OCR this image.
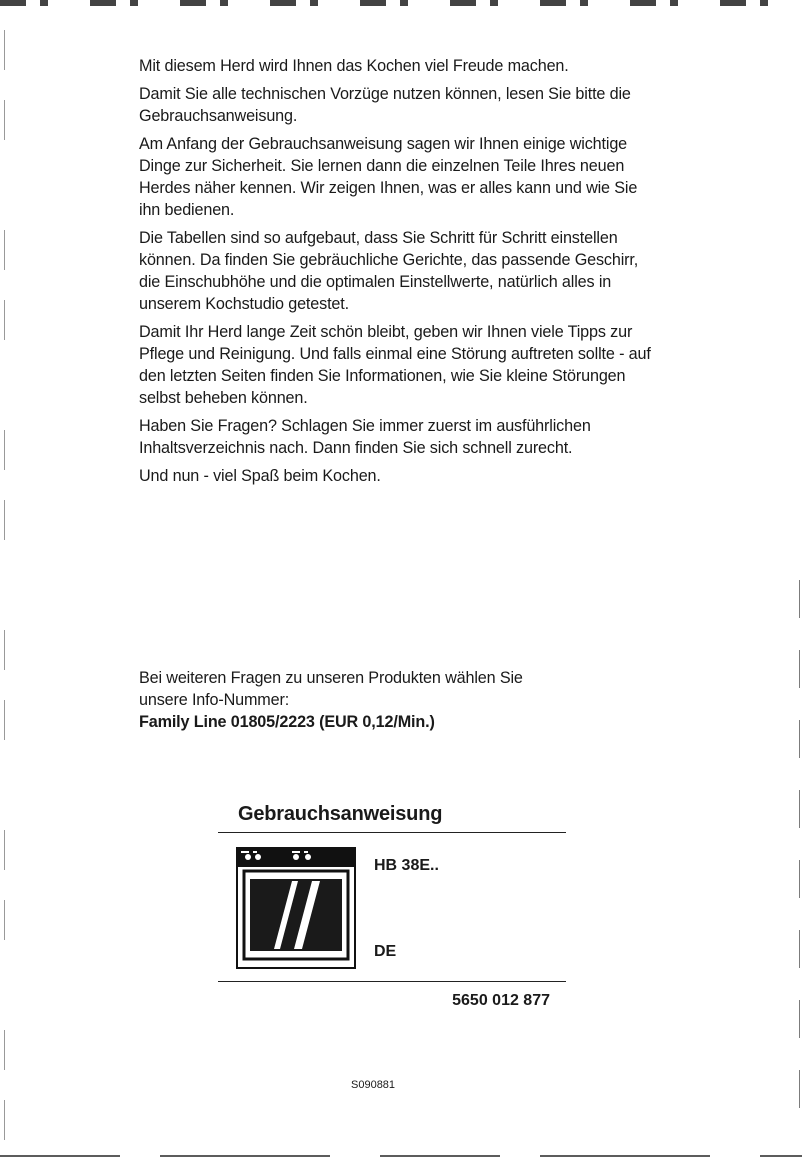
Mit diesem Herd wird Ihnen das Kochen viel Freude machen.

Damit Sie alle technischen Vorzüge nutzen können, lesen Sie bitte die Gebrauchsanweisung.

Am Anfang der Gebrauchsanweisung sagen wir Ihnen einige wichtige Dinge zur Sicherheit. Sie lernen dann die einzelnen Teile Ihres neuen Herdes näher kennen. Wir zeigen Ihnen, was er alles kann und wie Sie ihn bedienen.

Die Tabellen sind so aufgebaut, dass Sie Schritt für Schritt einstellen können. Da finden Sie gebräuchliche Gerichte, das passende Geschirr, die Einschubhöhe und die optimalen Einstellwerte, natürlich alles in unserem Kochstudio getestet.

Damit Ihr Herd lange Zeit schön bleibt, geben wir Ihnen viele Tipps zur Pflege und Reinigung. Und falls einmal eine Störung auftreten sollte - auf den letzten Seiten finden Sie Informationen, wie Sie kleine Störungen selbst beheben können.

Haben Sie Fragen? Schlagen Sie immer zuerst im ausführlichen Inhaltsverzeichnis nach. Dann finden Sie sich schnell zurecht.

Und nun - viel Spaß beim Kochen.

Bei weiteren Fragen zu unseren Produkten wählen Sie

unsere Info-Nummer:

Family Line 01805/2223 (EUR 0,12/Min.)

Gebrauchsanweisung
HB 38E..
DE
5650 012 877
S090881
